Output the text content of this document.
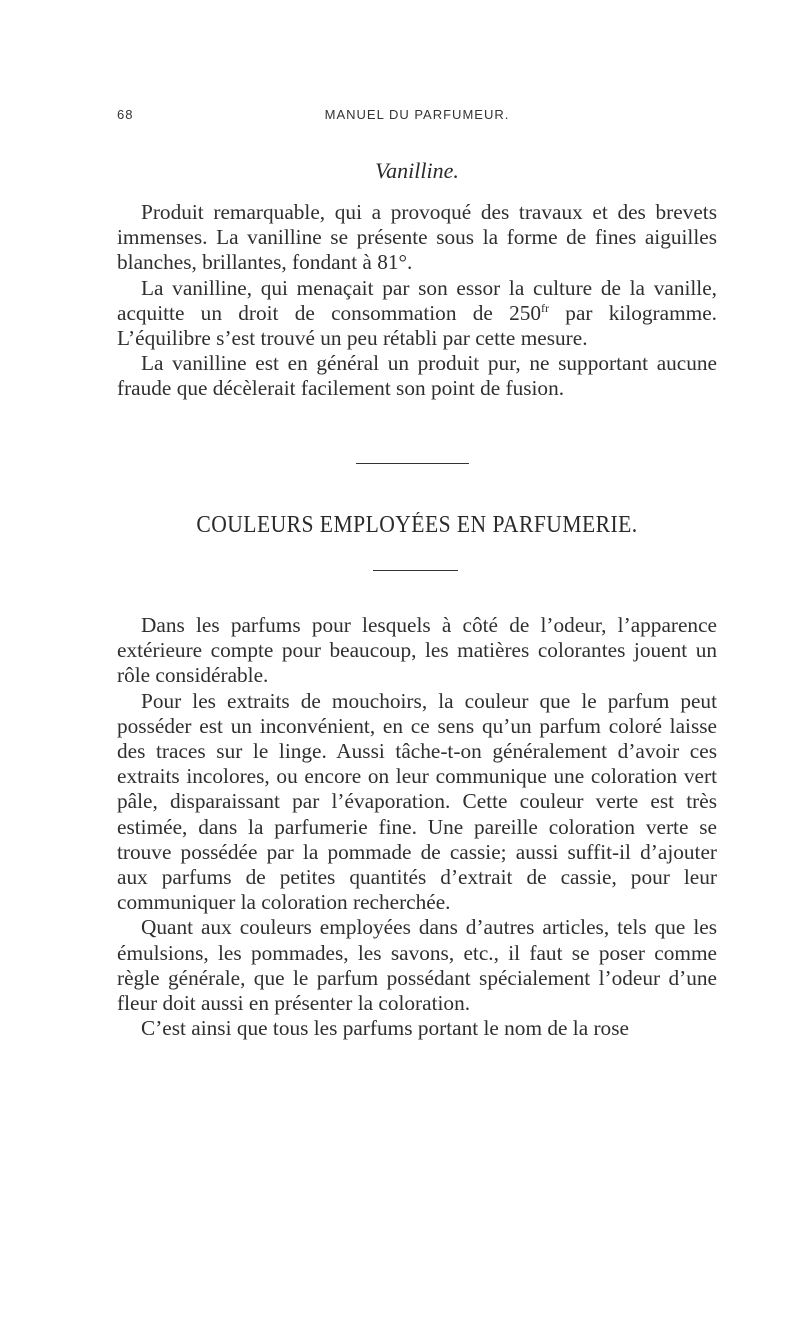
68	MANUEL DU PARFUMEUR.
Vanilline.

Produit remarquable, qui a provoqué des travaux et des brevets immenses. La vanilline se présente sous la forme de fines aiguilles blanches, brillantes, fondant à 81°.

La vanilline, qui menaçait par son essor la culture de la vanille, acquitte un droit de consommation de $250^{fr}$ par kilogramme. L’équilibre s’est trouvé un peu rétabli par cette mesure.

La vanilline est en général un produit pur, ne supportant aucune fraude que décèlerait facilement son point de fusion.

COULEURS EMPLOYÉES EN PARFUMERIE.

Dans les parfums pour lesquels à côté de l’odeur, l’apparence extérieure compte pour beaucoup, les matières colorantes jouent un rôle considérable.

Pour les extraits de mouchoirs, la couleur que le parfum peut posséder est un inconvénient, en ce sens qu’un parfum coloré laisse des traces sur le linge. Aussi tâche-t-on généralement d’avoir ces extraits incolores, ou encore on leur communique une coloration vert pâle, disparaissant par l’évaporation. Cette couleur verte est très estimée, dans la parfumerie fine. Une pareille coloration verte se trouve possédée par la pommade de cassie; aussi suffit-il d’ajouter aux parfums de petites quantités d’extrait de cassie, pour leur communiquer la coloration recherchée.

Quant aux couleurs employées dans d’autres articles, tels que les émulsions, les pommades, les savons, etc., il faut se poser comme règle générale, que le parfum possédant spécialement l’odeur d’une fleur doit aussi en présenter la coloration.

C’est ainsi que tous les parfums portant le nom de la rose
